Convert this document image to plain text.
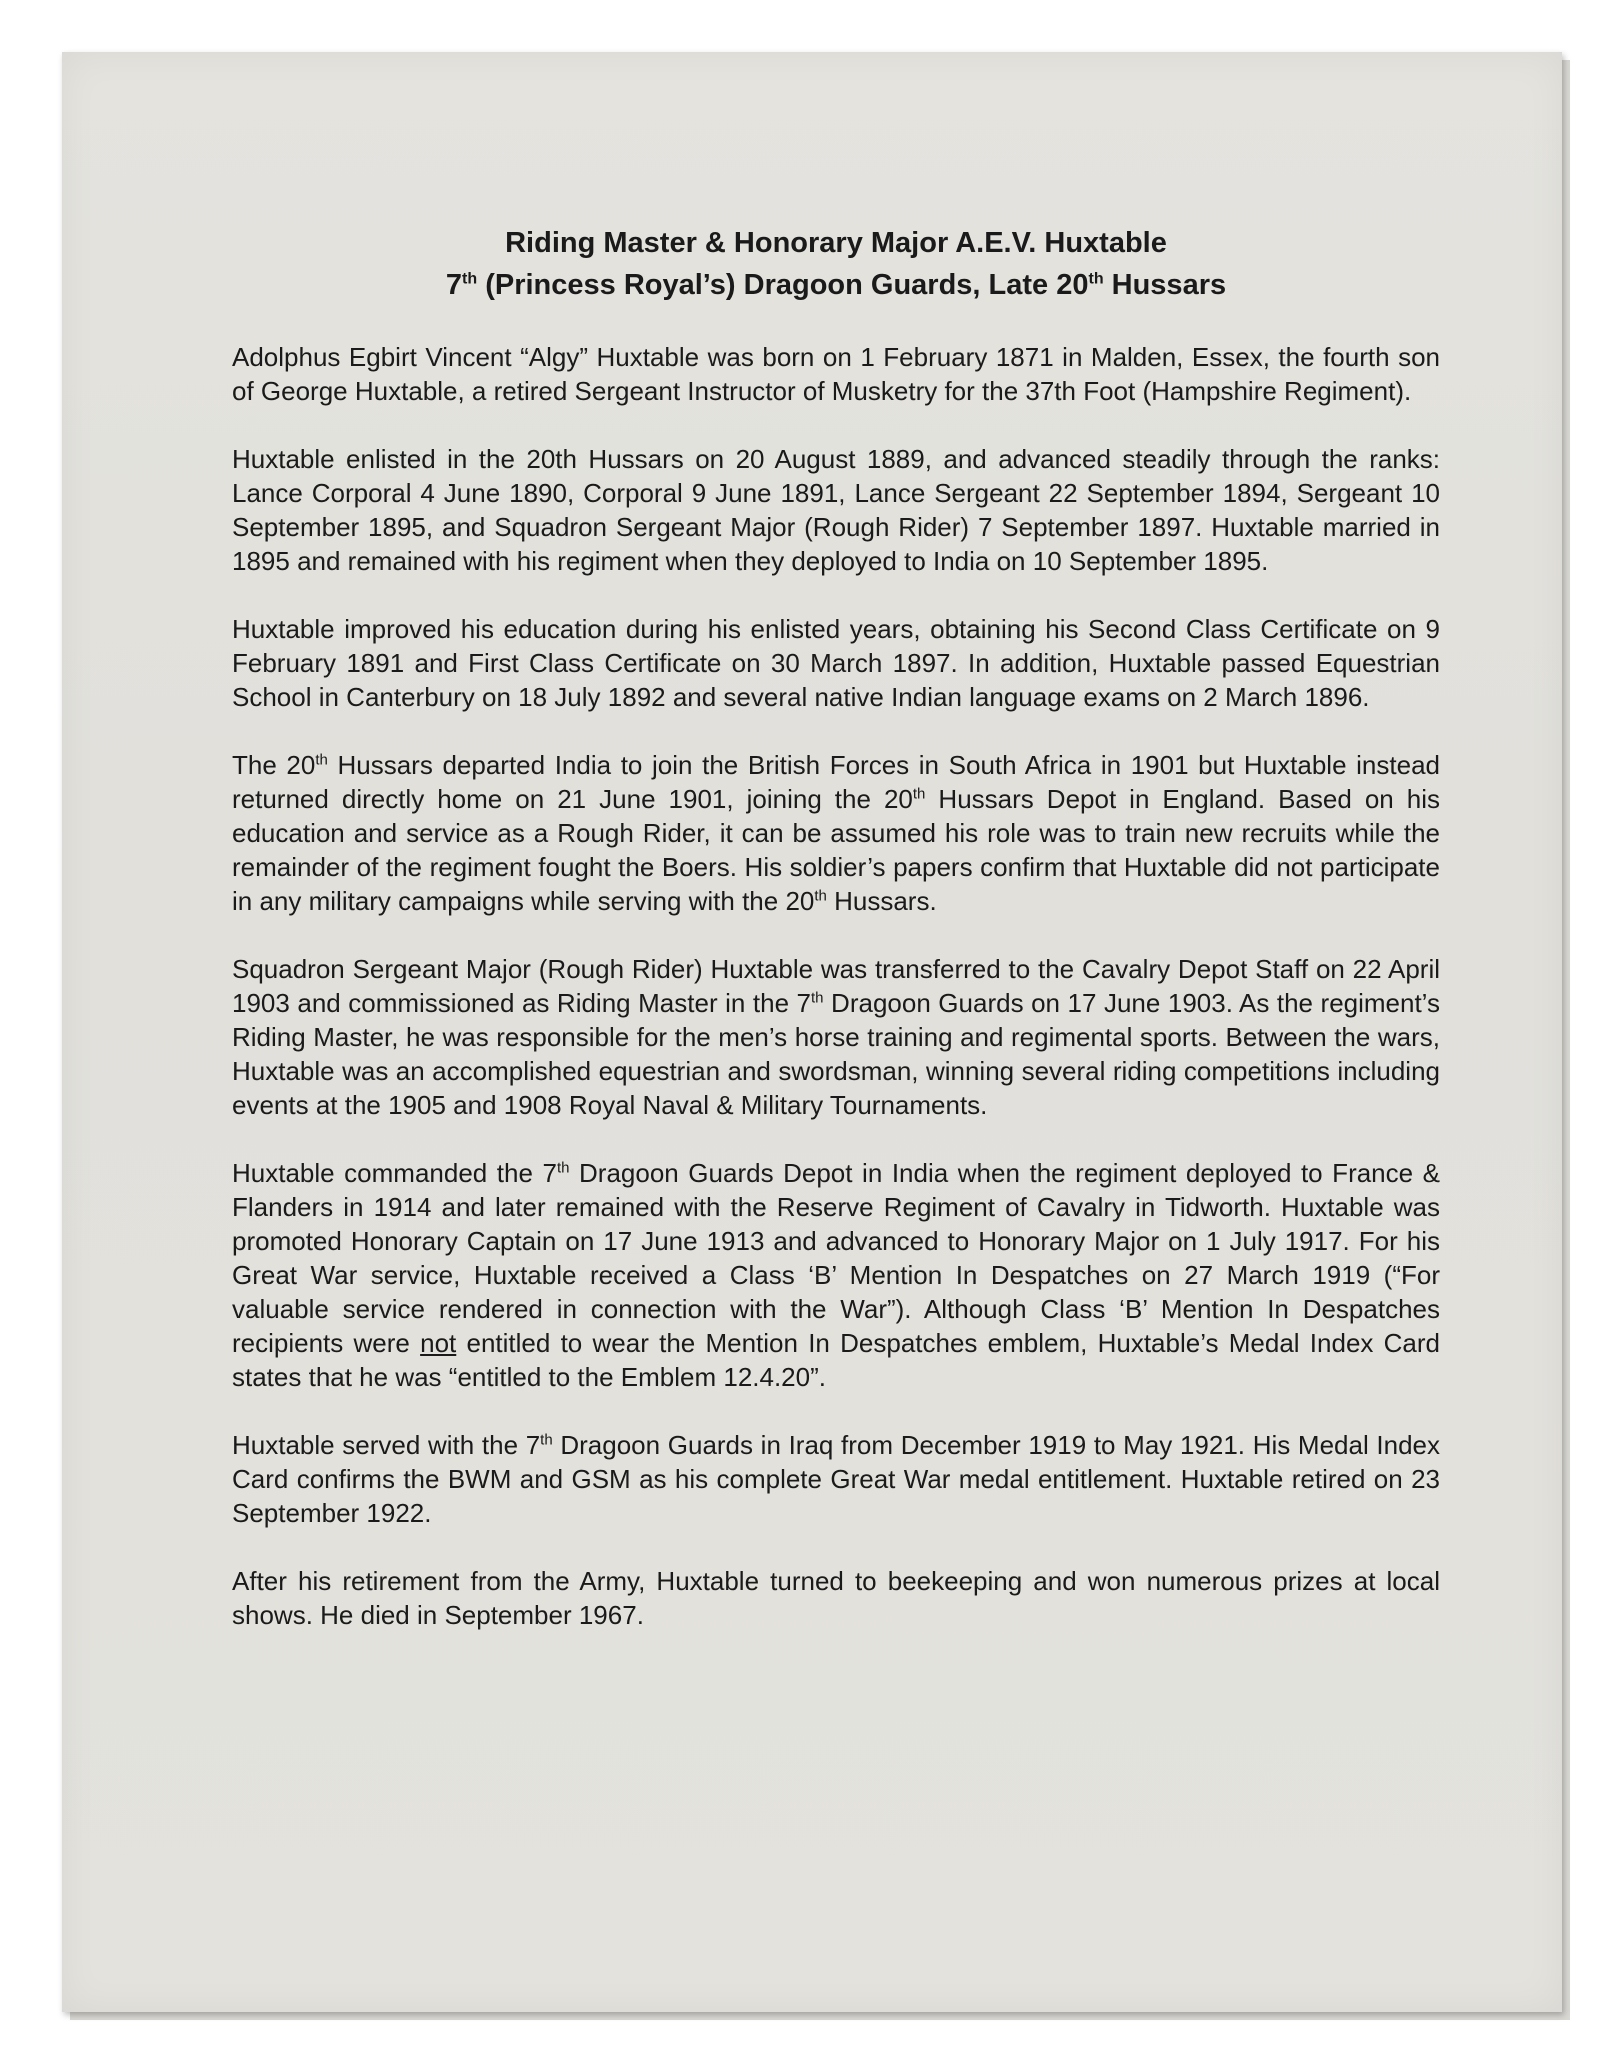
Riding Master & Honorary Major A.E.V. Huxtable
7th (Princess Royal’s) Dragoon Guards, Late 20th Hussars

Adolphus Egbirt Vincent “Algy” Huxtable was born on 1 February 1871 in Malden, Essex, the fourth son of George Huxtable, a retired Sergeant Instructor of Musketry for the 37th Foot (Hampshire Regiment).

Huxtable enlisted in the 20th Hussars on 20 August 1889, and advanced steadily through the ranks: Lance Corporal 4 June 1890, Corporal 9 June 1891, Lance Sergeant 22 September 1894, Sergeant 10 September 1895, and Squadron Sergeant Major (Rough Rider) 7 September 1897. Huxtable married in 1895 and remained with his regiment when they deployed to India on 10 September 1895.

Huxtable improved his education during his enlisted years, obtaining his Second Class Certificate on 9 February 1891 and First Class Certificate on 30 March 1897. In addition, Huxtable passed Equestrian School in Canterbury on 18 July 1892 and several native Indian language exams on 2 March 1896.

The 20th Hussars departed India to join the British Forces in South Africa in 1901 but Huxtable instead returned directly home on 21 June 1901, joining the 20th Hussars Depot in England. Based on his education and service as a Rough Rider, it can be assumed his role was to train new recruits while the remainder of the regiment fought the Boers. His soldier’s papers confirm that Huxtable did not participate in any military campaigns while serving with the 20th Hussars.

Squadron Sergeant Major (Rough Rider) Huxtable was transferred to the Cavalry Depot Staff on 22 April 1903 and commissioned as Riding Master in the 7th Dragoon Guards on 17 June 1903. As the regiment’s Riding Master, he was responsible for the men’s horse training and regimental sports. Between the wars, Huxtable was an accomplished equestrian and swordsman, winning several riding competitions including events at the 1905 and 1908 Royal Naval & Military Tournaments.

Huxtable commanded the 7th Dragoon Guards Depot in India when the regiment deployed to France & Flanders in 1914 and later remained with the Reserve Regiment of Cavalry in Tidworth. Huxtable was promoted Honorary Captain on 17 June 1913 and advanced to Honorary Major on 1 July 1917. For his Great War service, Huxtable received a Class ‘B’ Mention In Despatches on 27 March 1919 (“For valuable service rendered in connection with the War”). Although Class ‘B’ Mention In Despatches recipients were not entitled to wear the Mention In Despatches emblem, Huxtable’s Medal Index Card states that he was “entitled to the Emblem 12.4.20”.

Huxtable served with the 7th Dragoon Guards in Iraq from December 1919 to May 1921. His Medal Index Card confirms the BWM and GSM as his complete Great War medal entitlement. Huxtable retired on 23 September 1922.

After his retirement from the Army, Huxtable turned to beekeeping and won numerous prizes at local shows. He died in September 1967.
